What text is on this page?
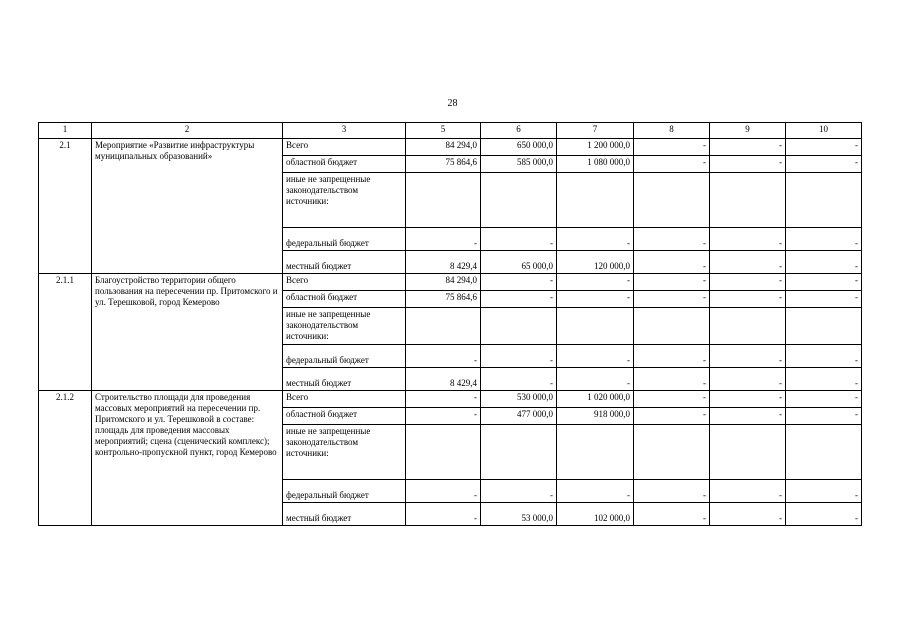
28
1	2	3	5	6	7	8	9	10
2.1	Мероприятие «Развитие инфраструктуры муниципальных образований»	Всего	84 294,0	650 000,0	1 200 000,0	-	-	-
		областной бюджет	75 864,6	585 000,0	1 080 000,0	-	-	-
		иные не запрещенные законодательством источники:						
		федеральный бюджет	-	-	-	-	-	-
		местный бюджет	8 429,4	65 000,0	120 000,0	-	-	-
2.1.1	Благоустройство территории общего пользования на пересечении пр. Притомского и ул. Терешковой, город Кемерово	Всего	84 294,0	-	-	-	-	-
		областной бюджет	75 864,6	-	-	-	-	-
		иные не запрещенные законодательством источники:						
		федеральный бюджет	-	-	-	-	-	-
		местный бюджет	8 429,4	-	-	-	-	-
2.1.2	Строительство площади для проведения массовых мероприятий на пересечении пр. Притомского и ул. Терешковой в составе: площадь для проведения массовых мероприятий; сцена (сценический комплекс); контрольно-пропускной пункт, город Кемерово	Всего	-	530 000,0	1 020 000,0	-	-	-
		областной бюджет	-	477 000,0	918 000,0	-	-	-
		иные не запрещенные законодательством источники:						
		федеральный бюджет	-	-	-	-	-	-
		местный бюджет	-	53 000,0	102 000,0	-	-	-
